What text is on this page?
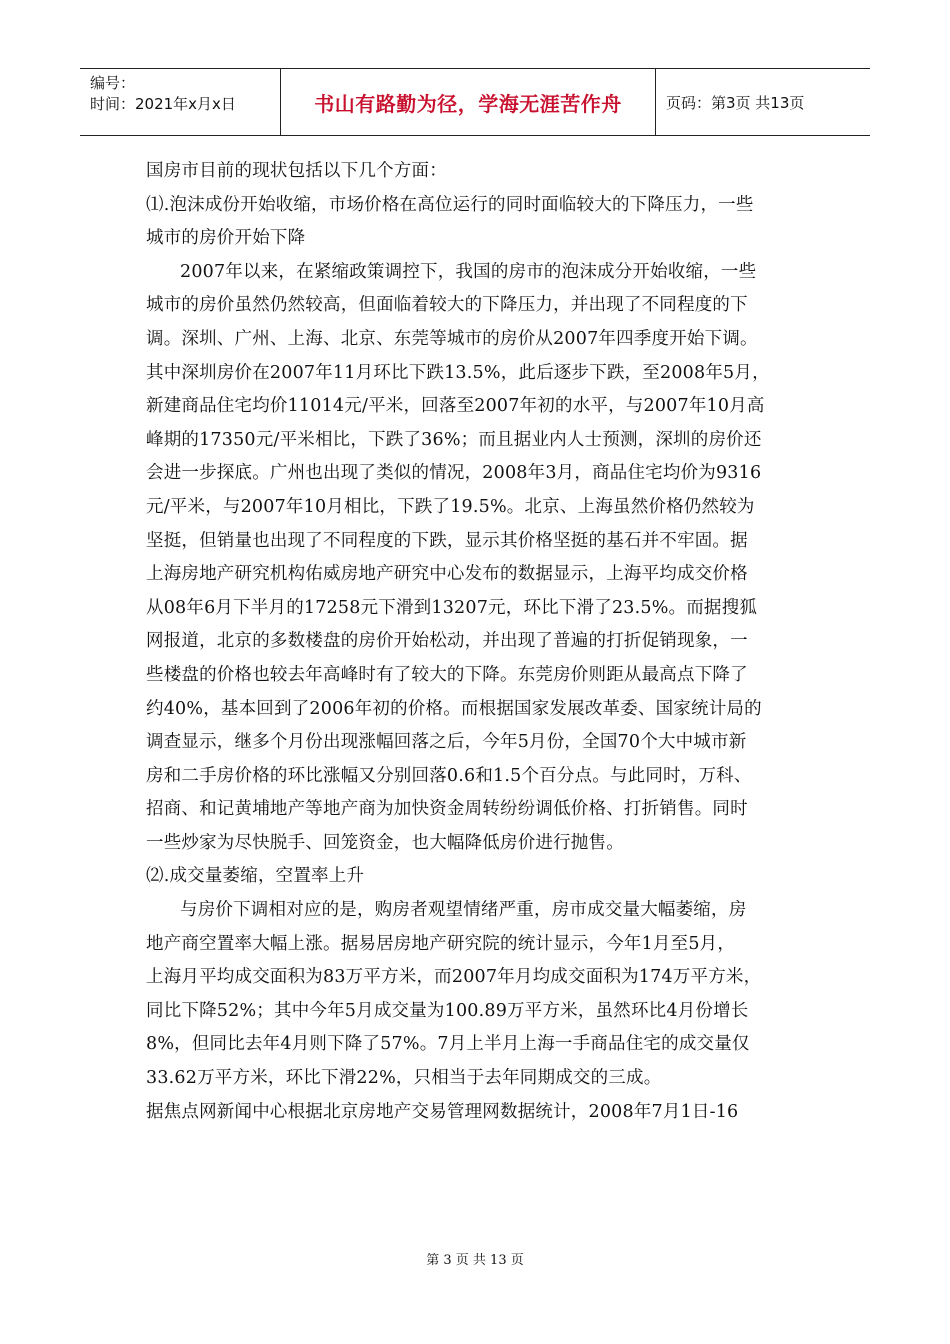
编号：
时间：2021年x月x日	书山有路勤为径，学海无涯苦作舟	页码：第3页 共13页
国房市目前的现状包括以下几个方面：
⑴.泡沫成份开始收缩，市场价格在高位运行的同时面临较大的下降压力，一些
城市的房价开始下降
2007年以来，在紧缩政策调控下，我国的房市的泡沫成分开始收缩，一些
城市的房价虽然仍然较高，但面临着较大的下降压力，并出现了不同程度的下
调。深圳、广州、上海、北京、东莞等城市的房价从2007年四季度开始下调。
其中深圳房价在2007年11月环比下跌13.5%，此后逐步下跌，至2008年5月，
新建商品住宅均价11014元/平米，回落至2007年初的水平，与2007年10月高
峰期的17350元/平米相比，下跌了36%；而且据业内人士预测，深圳的房价还
会进一步探底。广州也出现了类似的情况，2008年3月，商品住宅均价为9316
元/平米，与2007年10月相比，下跌了19.5%。北京、上海虽然价格仍然较为
坚挺，但销量也出现了不同程度的下跌，显示其价格坚挺的基石并不牢固。据
上海房地产研究机构佑威房地产研究中心发布的数据显示，上海平均成交价格
从08年6月下半月的17258元下滑到13207元，环比下滑了23.5%。而据搜狐
网报道，北京的多数楼盘的房价开始松动，并出现了普遍的打折促销现象，一
些楼盘的价格也较去年高峰时有了较大的下降。东莞房价则距从最高点下降了
约40%，基本回到了2006年初的价格。而根据国家发展改革委、国家统计局的
调查显示，继多个月份出现涨幅回落之后，今年5月份，全国70个大中城市新
房和二手房价格的环比涨幅又分别回落0.6和1.5个百分点。与此同时，万科、
招商、和记黄埔地产等地产商为加快资金周转纷纷调低价格、打折销售。同时
一些炒家为尽快脱手、回笼资金，也大幅降低房价进行抛售。
⑵.成交量萎缩，空置率上升
与房价下调相对应的是，购房者观望情绪严重，房市成交量大幅萎缩，房
地产商空置率大幅上涨。据易居房地产研究院的统计显示，今年1月至5月，
上海月平均成交面积为83万平方米，而2007年月均成交面积为174万平方米，
同比下降52%；其中今年5月成交量为100.89万平方米，虽然环比4月份增长
8%，但同比去年4月则下降了57%。7月上半月上海一手商品住宅的成交量仅
33.62万平方米，环比下滑22%，只相当于去年同期成交的三成。
据焦点网新闻中心根据北京房地产交易管理网数据统计，2008年7月1日-16
第 3 页 共 13 页
